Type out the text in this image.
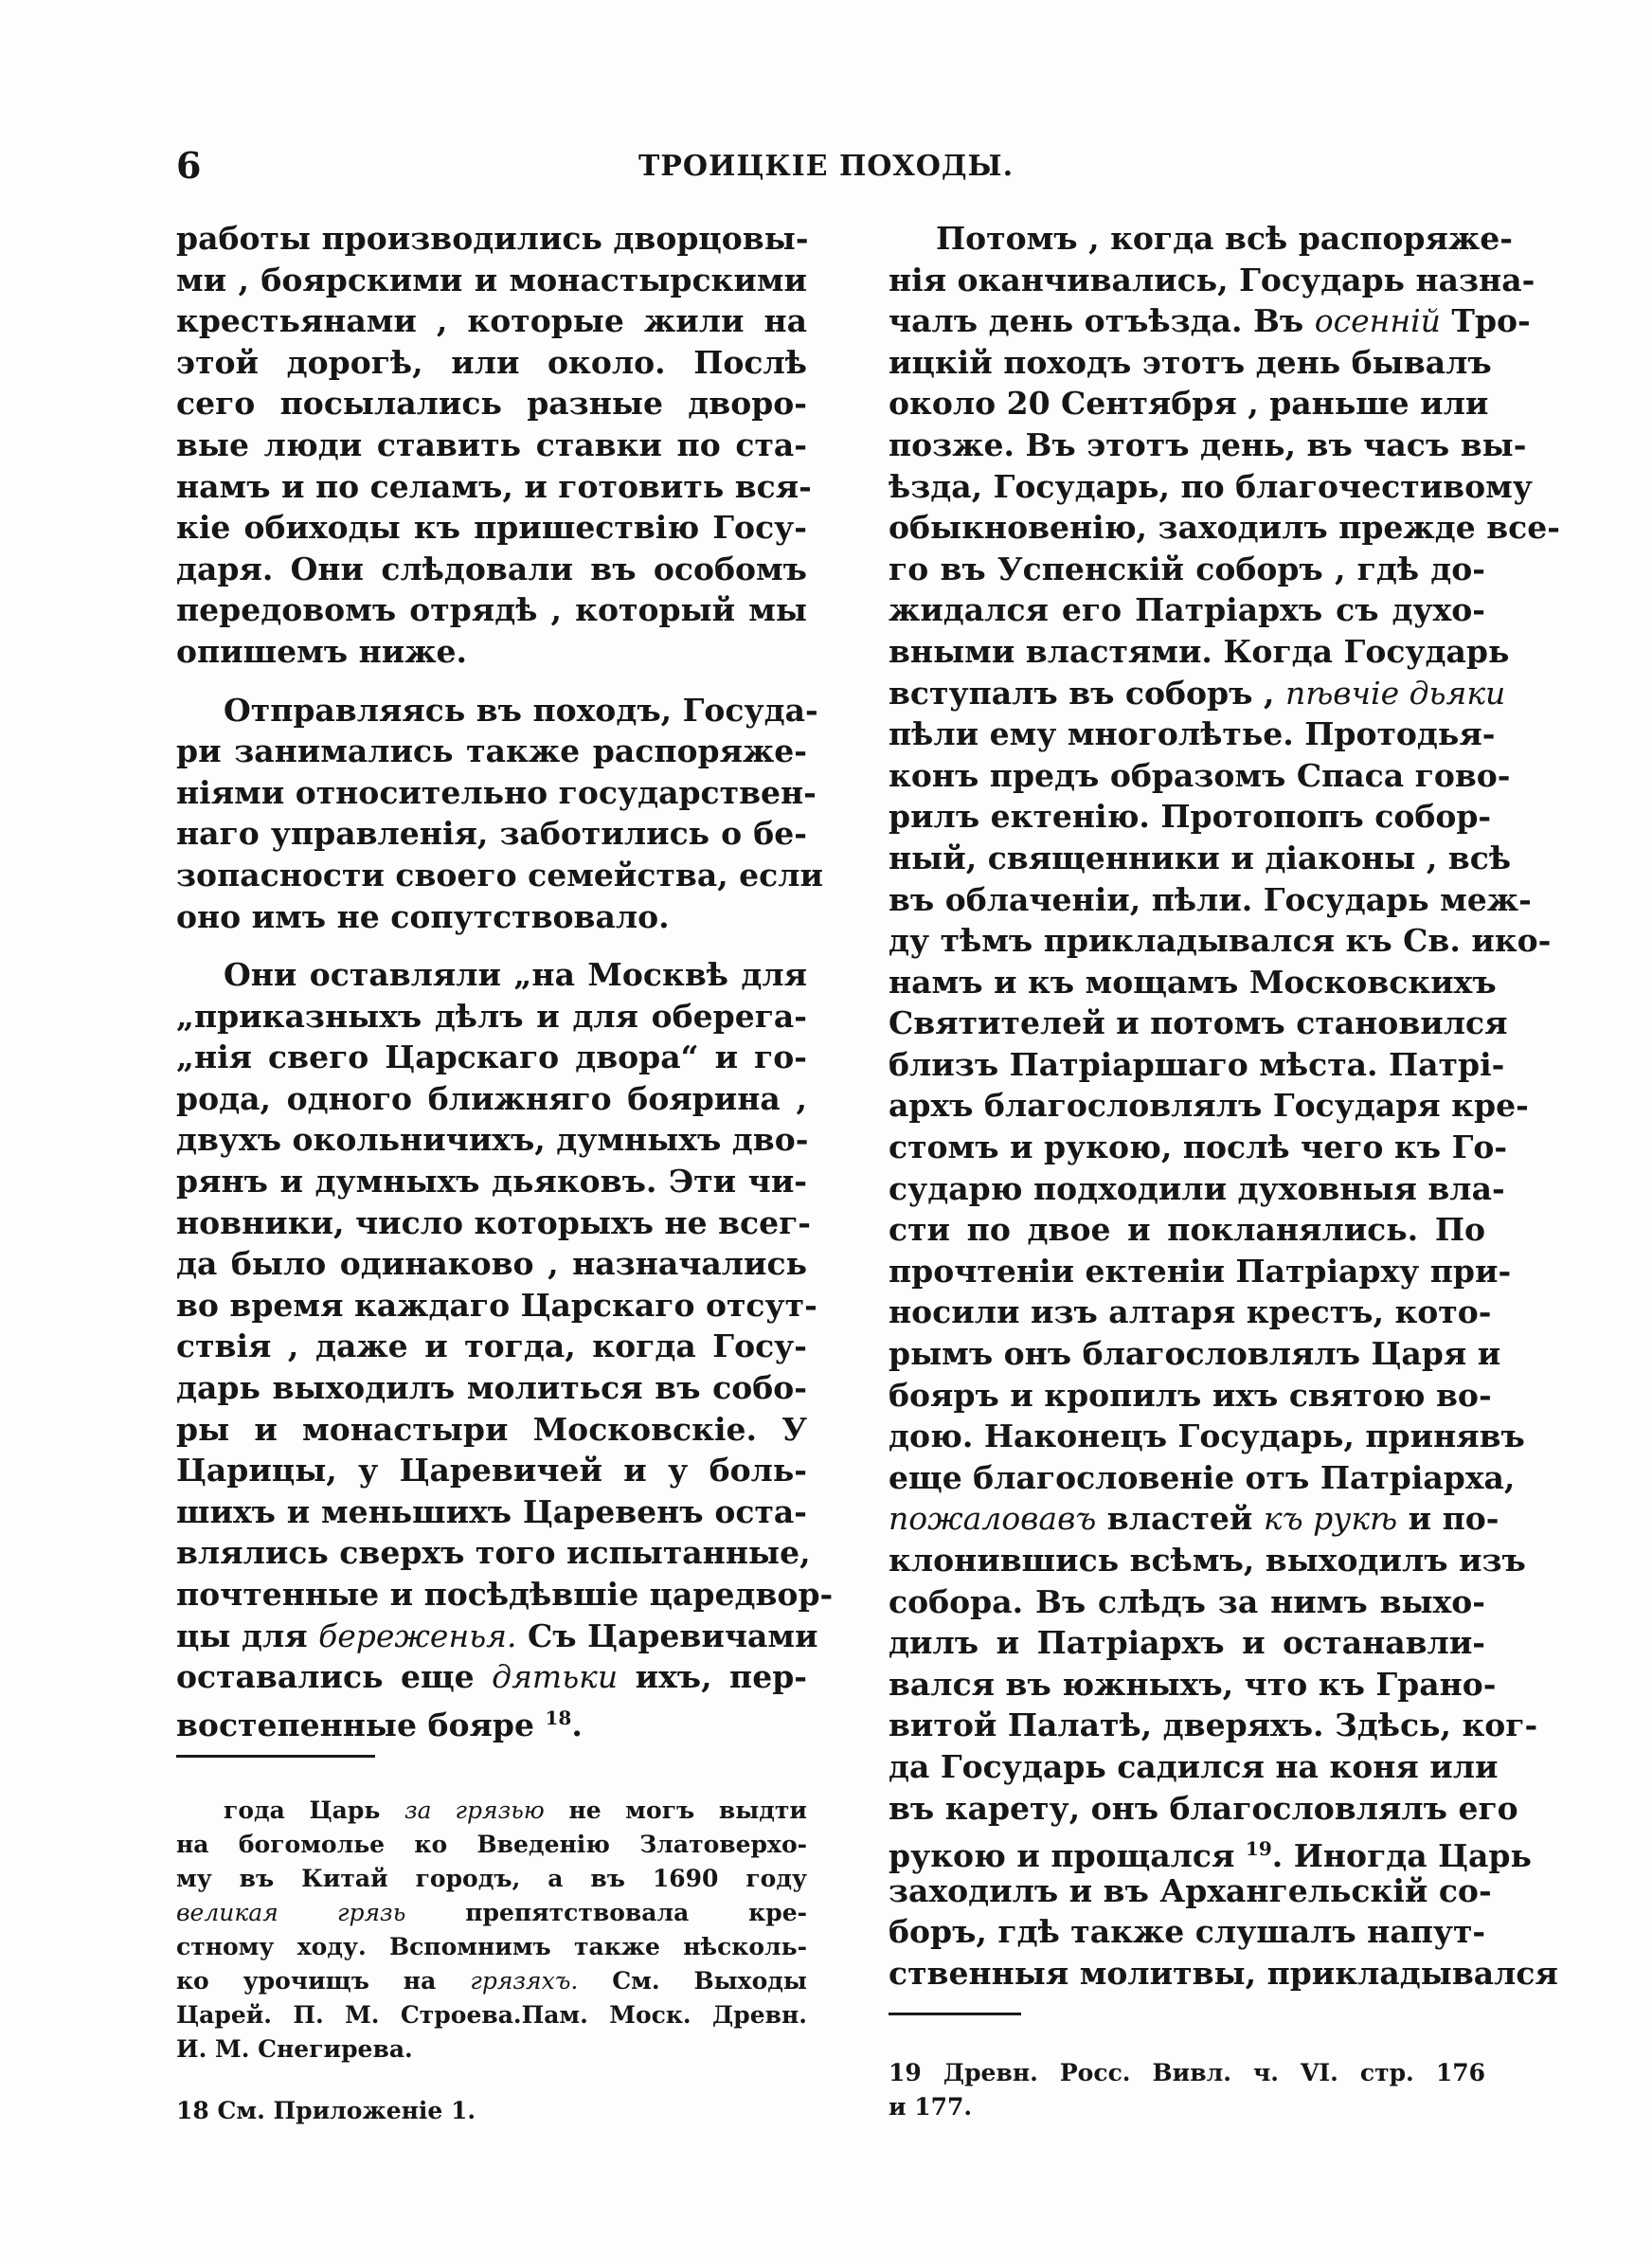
6	ТРОИЦКІЕ ПОХОДЫ.
работы производились дворцовы-
ми , боярскими и монастырскими
крестьянами , которые жили на
этой дорогѣ, или около. Послѣ
сего посылались разные дворо-
вые люди ставить ставки по ста-
намъ и по селамъ, и готовить вся-
кіе обиходы къ пришествію Госу-
даря. Они слѣдовали въ особомъ
передовомъ отрядѣ , который мы
опишемъ ниже.
Отправляясь въ походъ, Госуда-
ри занимались также распоряже-
ніями относительно государствен-
наго управленія, заботились о бе-
зопасности своего семейства, если
оно имъ не сопутствовало.
Они оставляли „на Москвѣ для
„приказныхъ дѣлъ и для оберега-
„нія свего Царскаго двора“ и го-
рода, одного ближняго боярина ,
двухъ окольничихъ, думныхъ дво-
рянъ и думныхъ дьяковъ. Эти чи-
новники, число которыхъ не всег-
да было одинаково , назначались
во время каждаго Царскаго отсут-
ствія , даже и тогда, когда Госу-
дарь выходилъ молиться въ собо-
ры и монастыри Московскіе. У
Царицы, у Царевичей и у боль-
шихъ и меньшихъ Царевенъ оста-
влялись сверхъ того испытанные,
почтенные и посѣдѣвшіе царедвор-
цы для береженья. Съ Царевичами
оставались еще дятьки ихъ, пер-
востепенные бояре $^{18}$.
Потомъ , когда всѣ распоряже-
нія оканчивались, Государь назна-
чалъ день отъѣзда. Въ осенній Тро-
ицкій походъ этотъ день бывалъ
около 20 Сентября , раньше или
позже. Въ этотъ день, въ часъ вы-
ѣзда, Государь, по благочестивому
обыкновенію, заходилъ прежде все-
го въ Успенскій соборъ , гдѣ до-
жидался его Патріархъ съ духо-
вными властями. Когда Государь
вступалъ въ соборъ , пѣвчіе дьяки
пѣли ему многолѣтье. Протодья-
конъ предъ образомъ Спаса гово-
рилъ ектенію. Протопопъ собор-
ный, священники и діаконы , всѣ
въ облаченіи, пѣли. Государь меж-
ду тѣмъ прикладывался къ Св. ико-
намъ и къ мощамъ Московскихъ
Святителей и потомъ становился
близъ Патріаршаго мѣста. Патрі-
архъ благословлялъ Государя кре-
стомъ и рукою, послѣ чего къ Го-
сударю подходили духовныя вла-
сти по двое и покланялись. По
прочтеніи ектеніи Патріарху при-
носили изъ алтаря крестъ, кото-
рымъ онъ благословлялъ Царя и
бояръ и кропилъ ихъ святою во-
дою. Наконецъ Государь, принявъ
еще благословеніе отъ Патріарха,
пожаловавъ властей къ рукѣ и по-
клонившись всѣмъ, выходилъ изъ
собора. Въ слѣдъ за нимъ выхо-
дилъ и Патріархъ и останавли-
вался въ южныхъ, что къ Грано-
витой Палатѣ, дверяхъ. Здѣсь, ког-
да Государь садился на коня или
въ карету, онъ благословлялъ его
рукою и прощался $^{19}$. Иногда Царь
заходилъ и въ Архангельскій со-
боръ, гдѣ также слушалъ напут-
ственныя молитвы, прикладывался
года Царь за грязью не могъ выдти
на богомолье ко Введенію Златоверхо-
му въ Китай городъ, а въ 1690 году
великая грязь	препятствовала кре-
стному ходу. Вспомнимъ также нѣсколь-
ко урочищъ на грязяхъ. См. Выходы
Царей. П. М. Строева.Пам. Моск. Древн.
И. М. Снегирева.
18 См. Приложеніе 1.
19 Древн. Росс. Вивл. ч. VI. стр. 176
и 177.
